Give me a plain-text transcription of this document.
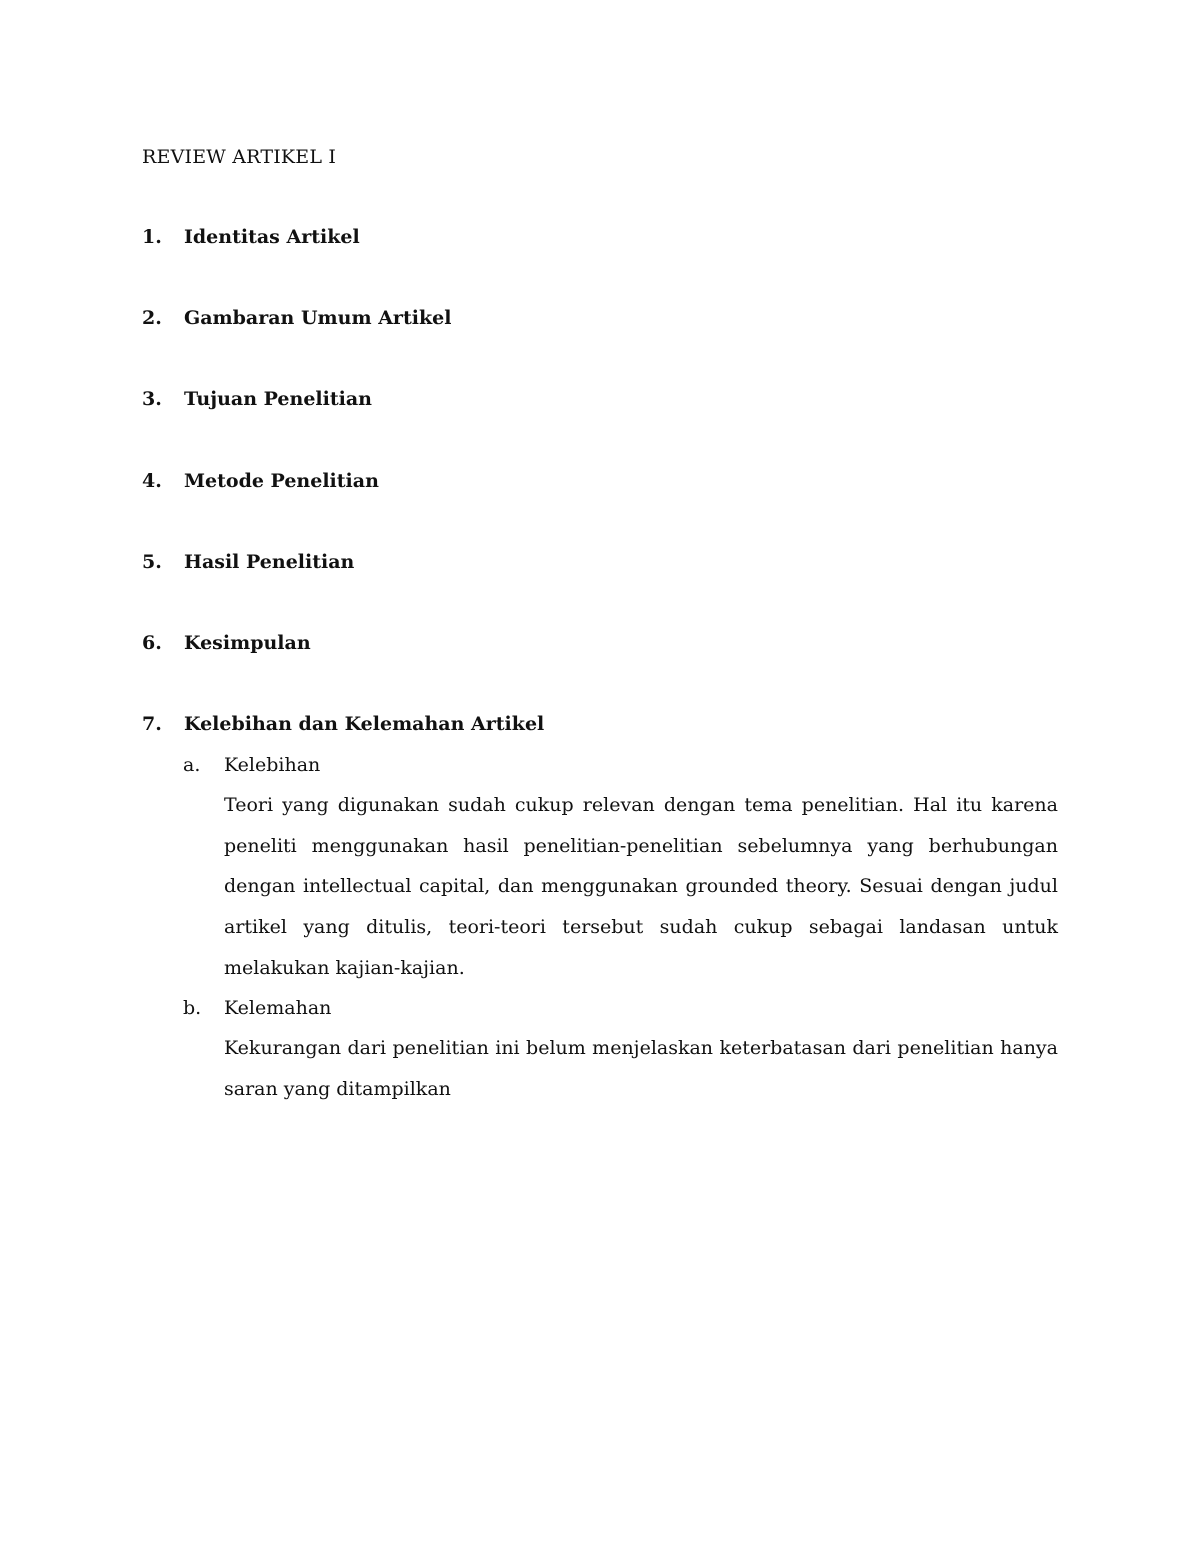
REVIEW ARTIKEL I
1. Identitas Artikel
2. Gambaran Umum Artikel
3. Tujuan Penelitian
4. Metode Penelitian
5. Hasil Penelitian
6. Kesimpulan
7. Kelebihan dan Kelemahan Artikel
a. Kelebihan

Teori yang digunakan sudah cukup relevan dengan tema penelitian. Hal itu karena peneliti menggunakan hasil penelitian-penelitian sebelumnya yang berhubungan dengan intellectual capital, dan menggunakan grounded theory. Sesuai dengan judul artikel yang ditulis, teori-teori tersebut sudah cukup sebagai landasan untuk melakukan kajian-kajian.

b. Kelemahan

Kekurangan dari penelitian ini belum menjelaskan keterbatasan dari penelitian hanya saran yang ditampilkan
